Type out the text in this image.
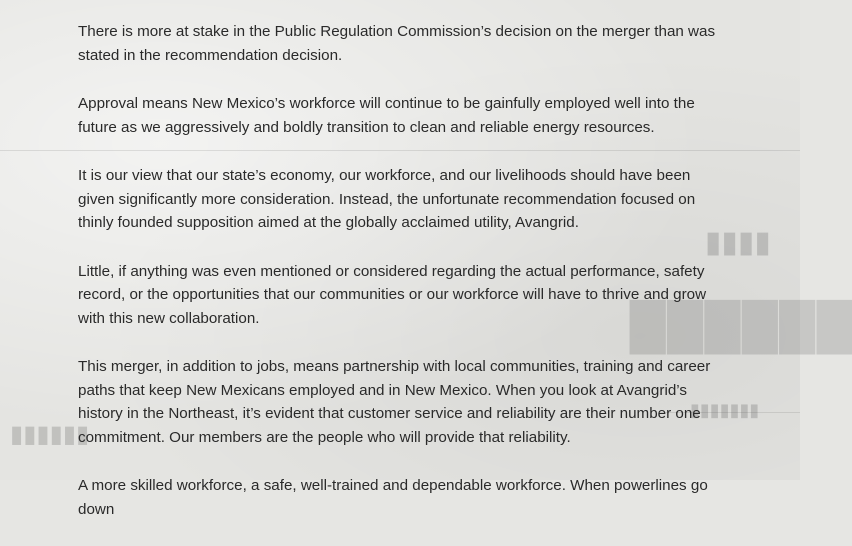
██████
▮▮▮▮
▮▮▮▮▮▮▮
▮▮▮▮▮▮

There is more at stake in the Public Regulation Commission’s decision on the merger than was stated in the recommendation decision.

Approval means New Mexico’s workforce will continue to be gainfully employed well into the future as we aggressively and boldly transition to clean and reliable energy resources.

It is our view that our state’s economy, our workforce, and our livelihoods should have been given significantly more consideration. Instead, the unfortunate recommendation focused on thinly founded supposition aimed at the globally acclaimed utility, Avangrid.

Little, if anything was even mentioned or considered regarding the actual performance, safety record, or the opportunities that our communities or our workforce will have to thrive and grow with this new collaboration.

This merger, in addition to jobs, means partnership with local communities, training and career paths that keep New Mexicans employed and in New Mexico. When you look at Avangrid’s history in the Northeast, it’s evident that customer service and reliability are their number one commitment. Our members are the people who will provide that reliability.

A more skilled workforce, a safe, well-trained and dependable workforce. When powerlines go down
